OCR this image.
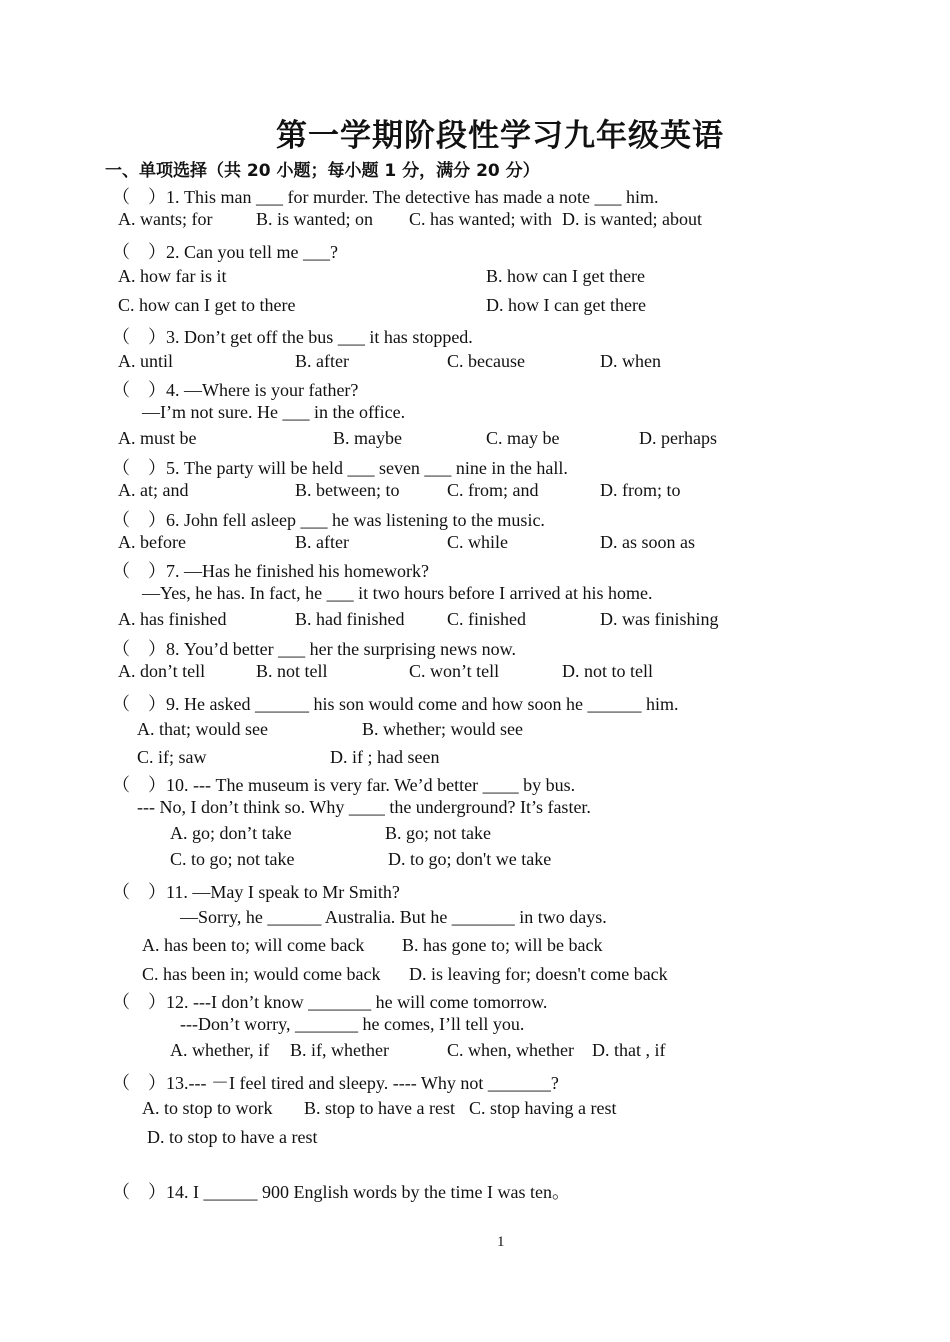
第一学期阶段性学习九年级英语
一、单项选择（共 20 小题；每小题 1 分，满分 20 分）
（　）1. This man ___ for murder. The detective has made a note ___ him.
A. wants; for B. is wanted; on C. has wanted; with D. is wanted; about
（　）2. Can you tell me ___?
A. how far is it	B. how can I get there
C. how can I get to there	D. how I can get there
（　）3. Don’t get off the bus ___ it has stopped.
A. until	B. after	C. because	D. when
（　）4. —Where is your father?
—I’m not sure. He ___ in the office.
A. must be	B. maybe	C. may be	D. perhaps
（　）5. The party will be held ___ seven ___ nine in the hall.
A. at; and	B. between; to	C. from; and	D. from; to
（　）6. John fell asleep ___ he was listening to the music.
A. before	B. after	C. while	D. as soon as
（　）7. —Has he finished his homework?
—Yes, he has. In fact, he ___ it two hours before I arrived at his home.
A. has finished	B. had finished C. finished	D. was finishing
（　）8. You’d better ___ her the surprising news now.
A. don’t tell	B. not tell	C. won’t tell	D. not to tell
（　）9. He asked ______ his son would come and how soon he ______ him.
A. that; would see	B. whether; would see
C. if; saw	D. if ; had seen
（　）10. --- The museum is very far. We’d better ____ by bus.
--- No, I don’t think so. Why ____ the underground? It’s faster.
A. go; don’t take	B. go; not take
C. to go; not take	D. to go; don't we take
（　）11. —May I speak to Mr Smith?
—Sorry, he ______ Australia. But he _______ in two days.
A. has been to; will come back B. has gone to; will be back
C. has been in; would come back D. is leaving for; doesn't come back
（　）12. ---I don’t know _______ he will come tomorrow.
---Don’t worry, _______ he comes, I’ll tell you.
A. whether, if B. if, whether	C. when, whether D. that , if
（　）13.--- －I feel tired and sleepy. ---- Why not _______?
A. to stop to work B. stop to have a rest C. stop having a rest
D. to stop to have a rest
（　）14. I ______ 900 English words by the time I was ten。
1
